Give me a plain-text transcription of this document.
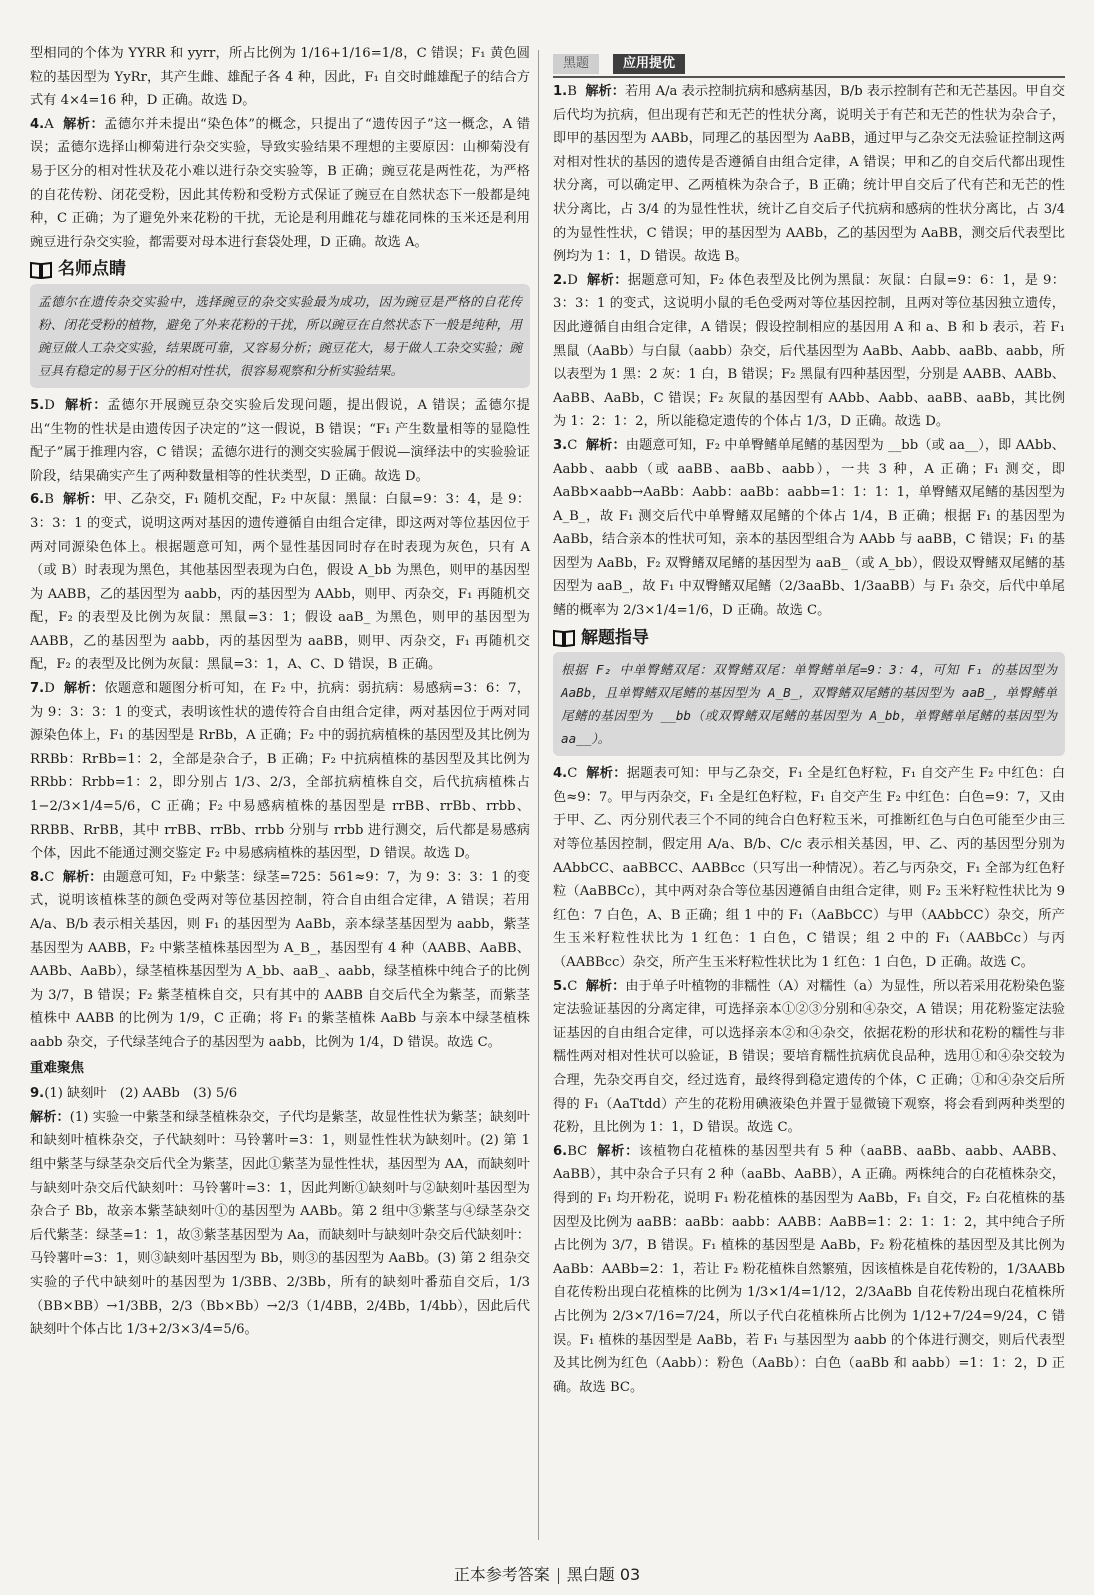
型相同的个体为 YYRR 和 yyrr，所占比例为 1/16+1/16=1/8，C 错误；F₁ 黄色圆粒的基因型为 YyRr，其产生雌、雄配子各 4 种，因此，F₁ 自交时雌雄配子的结合方式有 4×4=16 种，D 正确。故选 D。

4.A 解析：孟德尔并未提出“染色体”的概念，只提出了“遗传因子”这一概念，A 错误；孟德尔选择山柳菊进行杂交实验，导致实验结果不理想的主要原因：山柳菊没有易于区分的相对性状及花小难以进行杂交实验等，B 正确；豌豆花是两性花，为严格的自花传粉、闭花受粉，因此其传粉和受粉方式保证了豌豆在自然状态下一般都是纯种，C 正确；为了避免外来花粉的干扰，无论是利用雌花与雄花同株的玉米还是利用豌豆进行杂交实验，都需要对母本进行套袋处理，D 正确。故选 A。

名师点睛
孟德尔在遗传杂交实验中，选择豌豆的杂交实验最为成功，因为豌豆是严格的自花传粉、闭花受粉的植物，避免了外来花粉的干扰，所以豌豆在自然状态下一般是纯种，用豌豆做人工杂交实验，结果既可靠，又容易分析；豌豆花大，易于做人工杂交实验；豌豆具有稳定的易于区分的相对性状，很容易观察和分析实验结果。

5.D 解析：孟德尔开展豌豆杂交实验后发现问题，提出假说，A 错误；孟德尔提出“生物的性状是由遗传因子决定的”这一假说，B 错误；“F₁ 产生数量相等的显隐性配子”属于推理内容，C 错误；孟德尔进行的测交实验属于假说—演绎法中的实验验证阶段，结果确实产生了两种数量相等的性状类型，D 正确。故选 D。

6.B 解析：甲、乙杂交，F₁ 随机交配，F₂ 中灰鼠：黑鼠：白鼠=9：3：4，是 9：3：3：1 的变式，说明这两对基因的遗传遵循自由组合定律，即这两对等位基因位于两对同源染色体上。根据题意可知，两个显性基因同时存在时表现为灰色，只有 A（或 B）时表现为黑色，其他基因型表现为白色，假设 A_bb 为黑色，则甲的基因型为 AABB，乙的基因型为 aabb，丙的基因型为 AAbb，则甲、丙杂交，F₁ 再随机交配，F₂ 的表型及比例为灰鼠：黑鼠=3：1；假设 aaB_ 为黑色，则甲的基因型为 AABB，乙的基因型为 aabb，丙的基因型为 aaBB，则甲、丙杂交，F₁ 再随机交配，F₂ 的表型及比例为灰鼠：黑鼠=3：1，A、C、D 错误，B 正确。

7.D 解析：依题意和题图分析可知，在 F₂ 中，抗病：弱抗病：易感病=3：6：7，为 9：3：3：1 的变式，表明该性状的遗传符合自由组合定律，两对基因位于两对同源染色体上，F₁ 的基因型是 RrBb，A 正确；F₂ 中的弱抗病植株的基因型及其比例为 RRBb：RrBb=1：2，全部是杂合子，B 正确；F₂ 中抗病植株的基因型及其比例为 RRbb：Rrbb=1：2，即分别占 1/3、2/3，全部抗病植株自交，后代抗病植株占 1−2/3×1/4=5/6，C 正确；F₂ 中易感病植株的基因型是 rrBB、rrBb、rrbb、RRBB、RrBB，其中 rrBB、rrBb、rrbb 分别与 rrbb 进行测交，后代都是易感病个体，因此不能通过测交鉴定 F₂ 中易感病植株的基因型，D 错误。故选 D。

8.C 解析：由题意可知，F₂ 中紫茎：绿茎=725：561≈9：7，为 9：3：3：1 的变式，说明该植株茎的颜色受两对等位基因控制，符合自由组合定律，A 错误；若用 A/a、B/b 表示相关基因，则 F₁ 的基因型为 AaBb，亲本绿茎基因型为 aabb，紫茎基因型为 AABB，F₂ 中紫茎植株基因型为 A_B_，基因型有 4 种（AABB、AaBB、AABb、AaBb），绿茎植株基因型为 A_bb、aaB_、aabb，绿茎植株中纯合子的比例为 3/7，B 错误；F₂ 紫茎植株自交，只有其中的 AABB 自交后代全为紫茎，而紫茎植株中 AABB 的比例为 1/9，C 正确；将 F₁ 的紫茎植株 AaBb 与亲本中绿茎植株 aabb 杂交，子代绿茎纯合子的基因型为 aabb，比例为 1/4，D 错误。故选 C。

重难聚焦

9.(1) 缺刻叶　(2) AABb　(3) 5/6
解析：(1) 实验一中紫茎和绿茎植株杂交，子代均是紫茎，故显性性状为紫茎；缺刻叶和缺刻叶植株杂交，子代缺刻叶：马铃薯叶=3：1，则显性性状为缺刻叶。(2) 第 1 组中紫茎与绿茎杂交后代全为紫茎，因此①紫茎为显性性状，基因型为 AA，而缺刻叶与缺刻叶杂交后代缺刻叶：马铃薯叶=3：1，因此判断①缺刻叶与②缺刻叶基因型为杂合子 Bb，故亲本紫茎缺刻叶①的基因型为 AABb。第 2 组中③紫茎与④绿茎杂交后代紫茎：绿茎=1：1，故③紫茎基因型为 Aa，而缺刻叶与缺刻叶杂交后代缺刻叶：马铃薯叶=3：1，则③缺刻叶基因型为 Bb，则③的基因型为 AaBb。(3) 第 2 组杂交实验的子代中缺刻叶的基因型为 1/3BB、2/3Bb，所有的缺刻叶番茄自交后，1/3（BB×BB）→1/3BB，2/3（Bb×Bb）→2/3（1/4BB，2/4Bb，1/4bb），因此后代缺刻叶个体占比 1/3+2/3×3/4=5/6。

黑题	应用提优

1.B 解析：若用 A/a 表示控制抗病和感病基因，B/b 表示控制有芒和无芒基因。甲自交后代均为抗病，但出现有芒和无芒的性状分离，说明关于有芒和无芒的性状为杂合子，即甲的基因型为 AABb，同理乙的基因型为 AaBB，通过甲与乙杂交无法验证控制这两对相对性状的基因的遗传是否遵循自由组合定律，A 错误；甲和乙的自交后代都出现性状分离，可以确定甲、乙两植株为杂合子，B 正确；统计甲自交后了代有芒和无芒的性状分离比，占 3/4 的为显性性状，统计乙自交后子代抗病和感病的性状分离比，占 3/4 的为显性性状，C 错误；甲的基因型为 AABb，乙的基因型为 AaBB，测交后代表型比例均为 1：1，D 错误。故选 B。

2.D 解析：据题意可知，F₂ 体色表型及比例为黑鼠：灰鼠：白鼠=9：6：1，是 9：3：3：1 的变式，这说明小鼠的毛色受两对等位基因控制，且两对等位基因独立遗传，因此遵循自由组合定律，A 错误；假设控制相应的基因用 A 和 a、B 和 b 表示，若 F₁ 黑鼠（AaBb）与白鼠（aabb）杂交，后代基因型为 AaBb、Aabb、aaBb、aabb，所以表型为 1 黑：2 灰：1 白，B 错误；F₂ 黑鼠有四种基因型，分别是 AABB、AABb、AaBB、AaBb，C 错误；F₂ 灰鼠的基因型有 AAbb、Aabb、aaBB、aaBb，其比例为 1：2：1：2，所以能稳定遗传的个体占 1/3，D 正确。故选 D。

3.C 解析：由题意可知，F₂ 中单臀鳍单尾鳍的基因型为 __bb（或 aa__），即 AAbb、Aabb、aabb（或 aaBB、aaBb、aabb），一共 3 种，A 正确；F₁ 测交，即 AaBb×aabb→AaBb：Aabb：aaBb：aabb=1：1：1：1，单臀鳍双尾鳍的基因型为 A_B_，故 F₁ 测交后代中单臀鳍双尾鳍的个体占 1/4，B 正确；根据 F₁ 的基因型为 AaBb，结合亲本的性状可知，亲本的基因型组合为 AAbb 与 aaBB，C 错误；F₁ 的基因型为 AaBb，F₂ 双臀鳍双尾鳍的基因型为 aaB_（或 A_bb），假设双臀鳍双尾鳍的基因型为 aaB_，故 F₁ 中双臀鳍双尾鳍（2/3aaBb、1/3aaBB）与 F₁ 杂交，后代中单尾鳍的概率为 2/3×1/4=1/6，D 正确。故选 C。

解题指导
根据 F₂ 中单臀鳍双尾：双臀鳍双尾：单臀鳍单尾=9：3：4，可知 F₁ 的基因型为 AaBb，且单臀鳍双尾鳍的基因型为 A_B_，双臀鳍双尾鳍的基因型为 aaB_，单臀鳍单尾鳍的基因型为 __bb（或双臀鳍双尾鳍的基因型为 A_bb，单臀鳍单尾鳍的基因型为 aa__）。

4.C 解析：据题表可知：甲与乙杂交，F₁ 全是红色籽粒，F₁ 自交产生 F₂ 中红色：白色≈9：7。甲与丙杂交，F₁ 全是红色籽粒，F₁ 自交产生 F₂ 中红色：白色=9：7，又由于甲、乙、丙分别代表三个不同的纯合白色籽粒玉米，可推断红色与白色可能至少由三对等位基因控制，假定用 A/a、B/b、C/c 表示相关基因，甲、乙、丙的基因型分别为 AAbbCC、aaBBCC、AABBcc（只写出一种情况）。若乙与丙杂交，F₁ 全部为红色籽粒（AaBBCc），其中两对杂合等位基因遵循自由组合定律，则 F₂ 玉米籽粒性状比为 9 红色：7 白色，A、B 正确；组 1 中的 F₁（AaBbCC）与甲（AAbbCC）杂交，所产生玉米籽粒性状比为 1 红色：1 白色，C 错误；组 2 中的 F₁（AABbCc）与丙（AABBcc）杂交，所产生玉米籽粒性状比为 1 红色：1 白色，D 正确。故选 C。

5.C 解析：由于单子叶植物的非糯性（A）对糯性（a）为显性，所以若采用花粉染色鉴定法验证基因的分离定律，可选择亲本①②③分别和④杂交，A 错误；用花粉鉴定法验证基因的自由组合定律，可以选择亲本②和④杂交，依据花粉的形状和花粉的糯性与非糯性两对相对性状可以验证，B 错误；要培育糯性抗病优良品种，选用①和④杂交较为合理，先杂交再自交，经过选育，最终得到稳定遗传的个体，C 正确；①和④杂交后所得的 F₁（AaTtdd）产生的花粉用碘液染色并置于显微镜下观察，将会看到两种类型的花粉，且比例为 1：1，D 错误。故选 C。

6.BC 解析：该植物白花植株的基因型共有 5 种（aaBB、aaBb、aabb、AABB、AaBB），其中杂合子只有 2 种（aaBb、AaBB），A 正确。两株纯合的白花植株杂交，得到的 F₁ 均开粉花，说明 F₁ 粉花植株的基因型为 AaBb，F₁ 自交，F₂ 白花植株的基因型及比例为 aaBB：aaBb：aabb：AABB：AaBB=1：2：1：1：2，其中纯合子所占比例为 3/7，B 错误。F₁ 植株的基因型是 AaBb，F₂ 粉花植株的基因型及其比例为 AaBb：AABb=2：1，若让 F₂ 粉花植株自然繁殖，因该植株是自花传粉的，1/3AABb 自花传粉出现白花植株的比例为 1/3×1/4=1/12，2/3AaBb 自花传粉出现白花植株所占比例为 2/3×7/16=7/24，所以子代白花植株所占比例为 1/12+7/24=9/24，C 错误。F₁ 植株的基因型是 AaBb，若 F₁ 与基因型为 aabb 的个体进行测交，则后代表型及其比例为红色（Aabb）：粉色（AaBb）：白色（aaBb 和 aabb）=1：1：2，D 正确。故选 BC。

正本参考答案 黑白题 03
